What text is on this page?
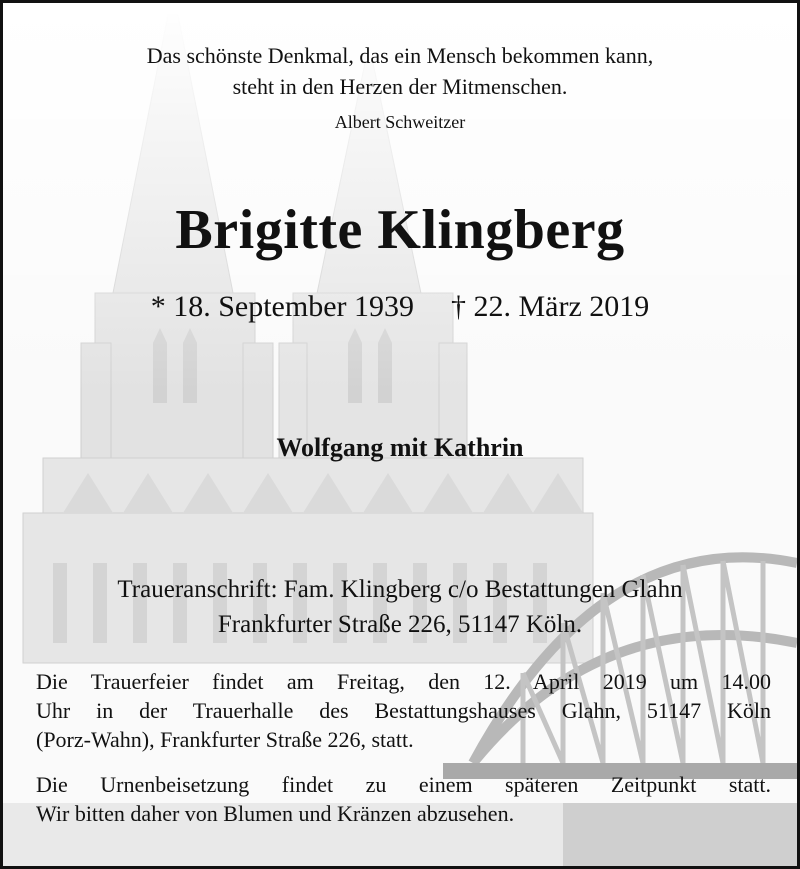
Das schönste Denkmal, das ein Mensch bekommen kann,
steht in den Herzen der Mitmenschen.
Albert Schweitzer
Brigitte Klingberg
* 18. September 1939 † 22. März 2019
Wolfgang mit Kathrin
Traueranschrift: Fam. Klingberg c/o Bestattungen Glahn
Frankfurter Straße 226, 51147 Köln.
Die Trauerfeier findet am Freitag, den 12. April 2019 um 14.00
Uhr in der Trauerhalle des Bestattungshauses Glahn, 51147 Köln
(Porz-Wahn), Frankfurter Straße 226, statt.
Die Urnenbeisetzung findet zu einem späteren Zeitpunkt statt.
Wir bitten daher von Blumen und Kränzen abzusehen.
